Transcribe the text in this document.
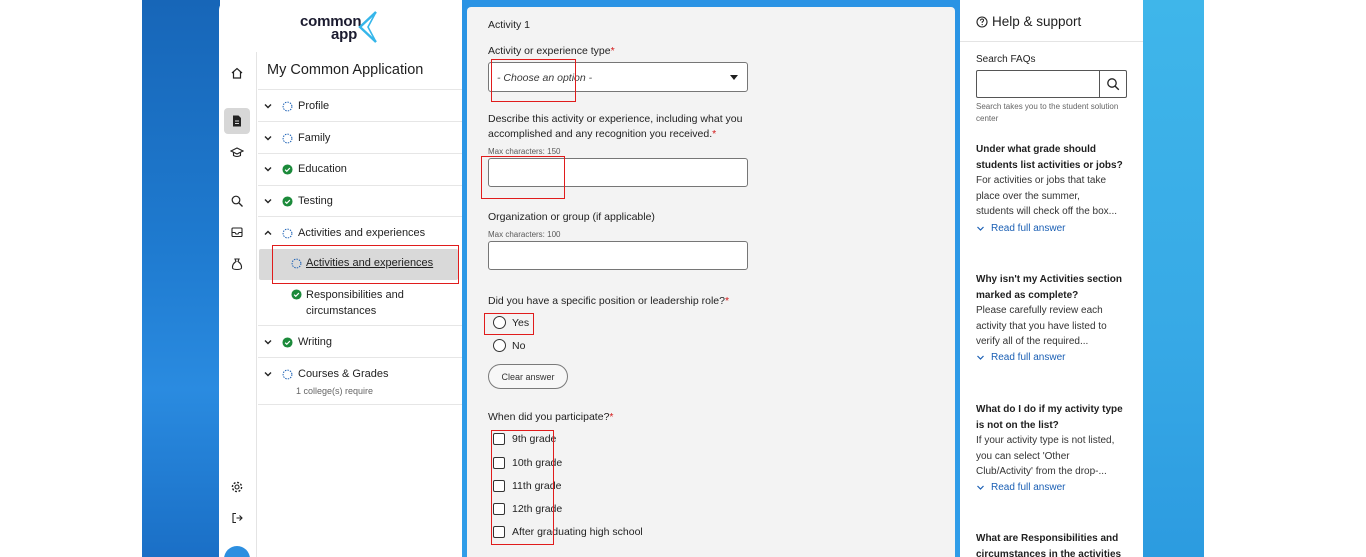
common
app
My Common Application
Profile
Family
Education
Testing
Activities and experiences
Activities and experiences
Responsibilities and
circumstances
Writing
Courses & Grades
1 college(s) require
Activity 1
Activity or experience type*
- Choose an option -
Describe this activity or experience, including what you
accomplished and any recognition you received.*
Max characters: 150
Organization or group (if applicable)
Max characters: 100
Did you have a specific position or leadership role?*
Yes
No
Clear answer
When did you participate?*
9th grade
10th grade
11th grade
12th grade
After graduating high school
Help & support
Search FAQs
Search takes you to the student solution center
Under what grade should
students list activities or jobs?
For activities or jobs that take
place over the summer,
students will check off the box...
Read full answer
Why isn't my Activities section
marked as complete?
Please carefully review each
activity that you have listed to
verify all of the required...
Read full answer
What do I do if my activity type
is not on the list?
If your activity type is not listed,
you can select 'Other
Club/Activity' from the drop-...
Read full answer
What are Responsibilities and
circumstances in the activities
